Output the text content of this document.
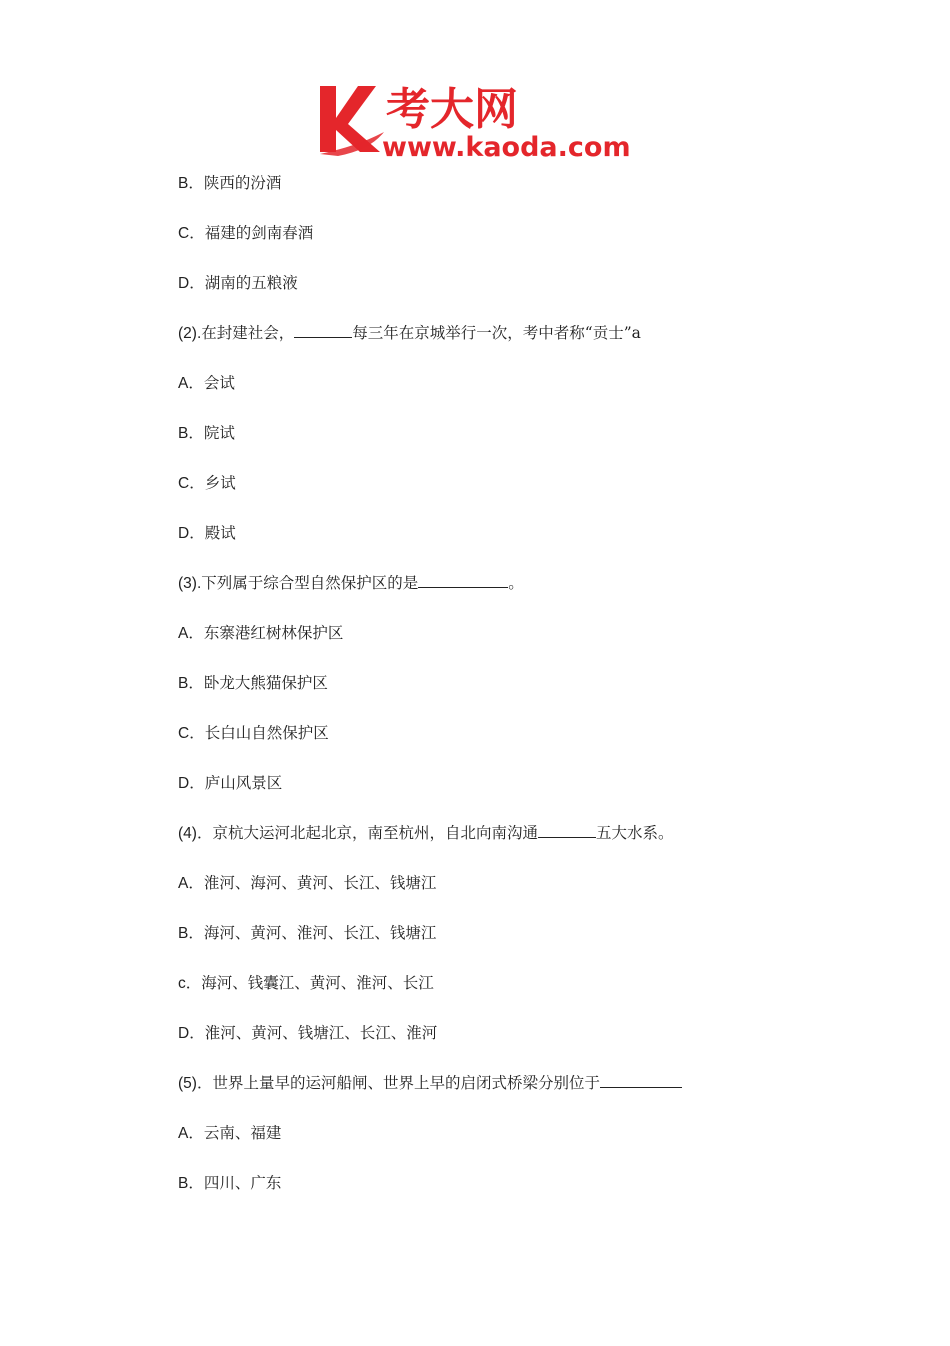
考大网
www.kaoda.com
B．陕西的汾酒
C．福建的剑南春酒
D．湖南的五粮液
(2).在封建社会，	每三年在京城举行一次，考中者称“贡士”a
A．会试
B．院试
C．乡试
D．殿试
(3).下列属于综合型自然保护区的是	。
A．东寨港红树林保护区
B．卧龙大熊猫保护区
C．长白山自然保护区
D．庐山风景区
(4)．京杭大运河北起北京，南至杭州，自北向南沟通	五大水系。
A．淮河、海河、黄河、长江、钱塘江
B．海河、黄河、淮河、长江、钱塘江
c．海河、钱囊江、黄河、淮河、长江
D．淮河、黄河、钱塘江、长江、淮河
(5)．世界上量早的运河船闸、世界上早的启闭式桥梁分别位于
A．云南、福建
B．四川、广东
